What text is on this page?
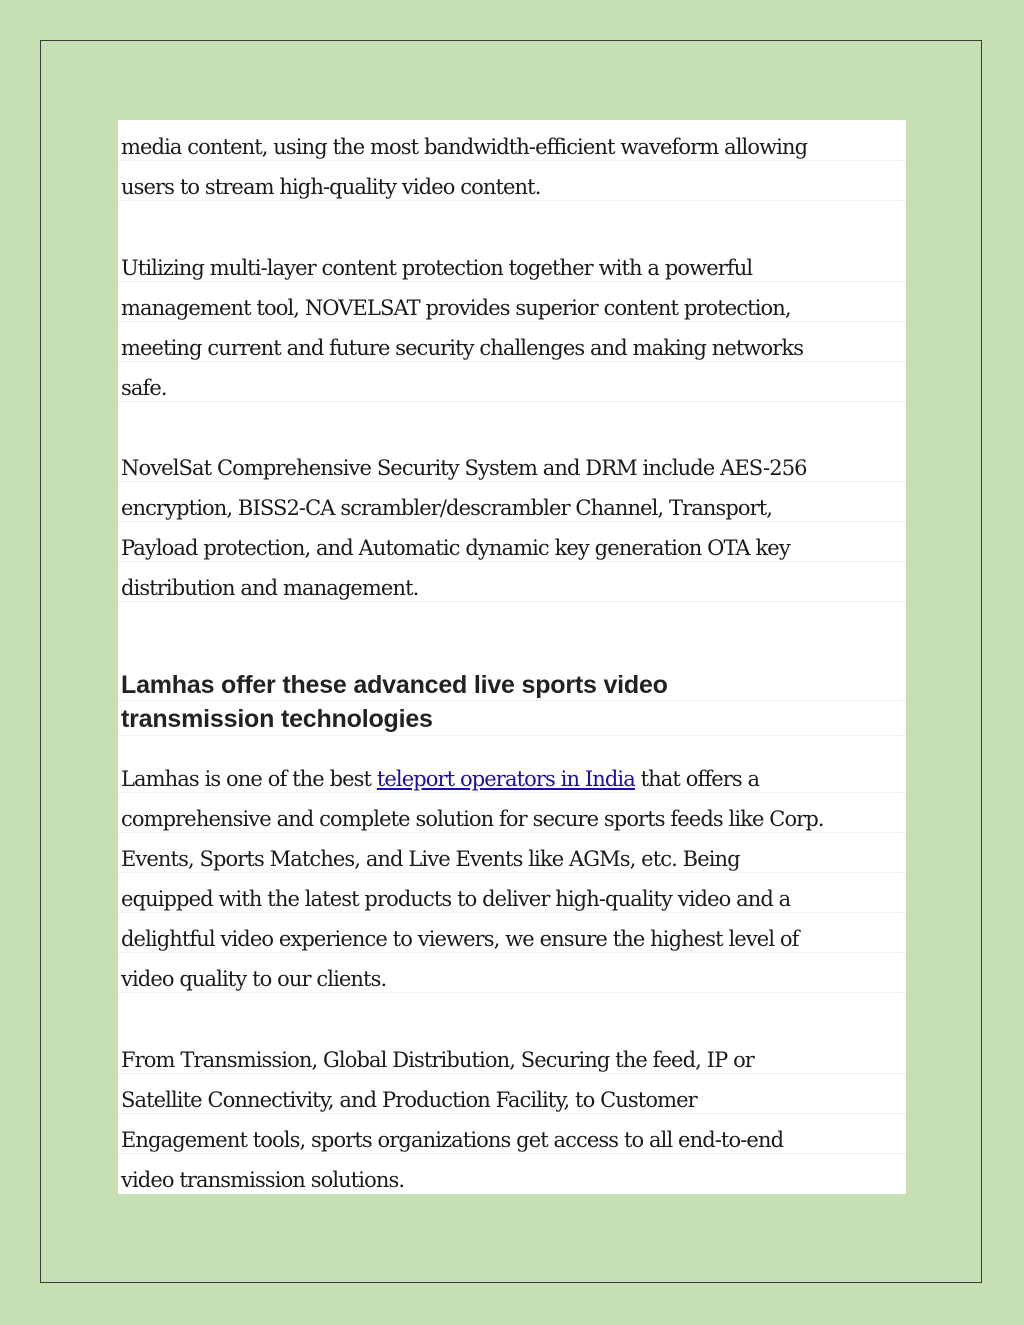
media content, using the most bandwidth-efficient waveform allowing
users to stream high-quality video content.
Utilizing multi-layer content protection together with a powerful
management tool, NOVELSAT provides superior content protection,
meeting current and future security challenges and making networks
safe.
NovelSat Comprehensive Security System and DRM include AES-256
encryption, BISS2-CA scrambler/descrambler Channel, Transport,
Payload protection, and Automatic dynamic key generation OTA key
distribution and management.
Lamhas offer these advanced live sports video
transmission technologies
Lamhas is one of the best teleport operators in India that offers a
comprehensive and complete solution for secure sports feeds like Corp.
Events, Sports Matches, and Live Events like AGMs, etc. Being
equipped with the latest products to deliver high-quality video and a
delightful video experience to viewers, we ensure the highest level of
video quality to our clients.
From Transmission, Global Distribution, Securing the feed, IP or
Satellite Connectivity, and Production Facility, to Customer
Engagement tools, sports organizations get access to all end-to-end
video transmission solutions.
